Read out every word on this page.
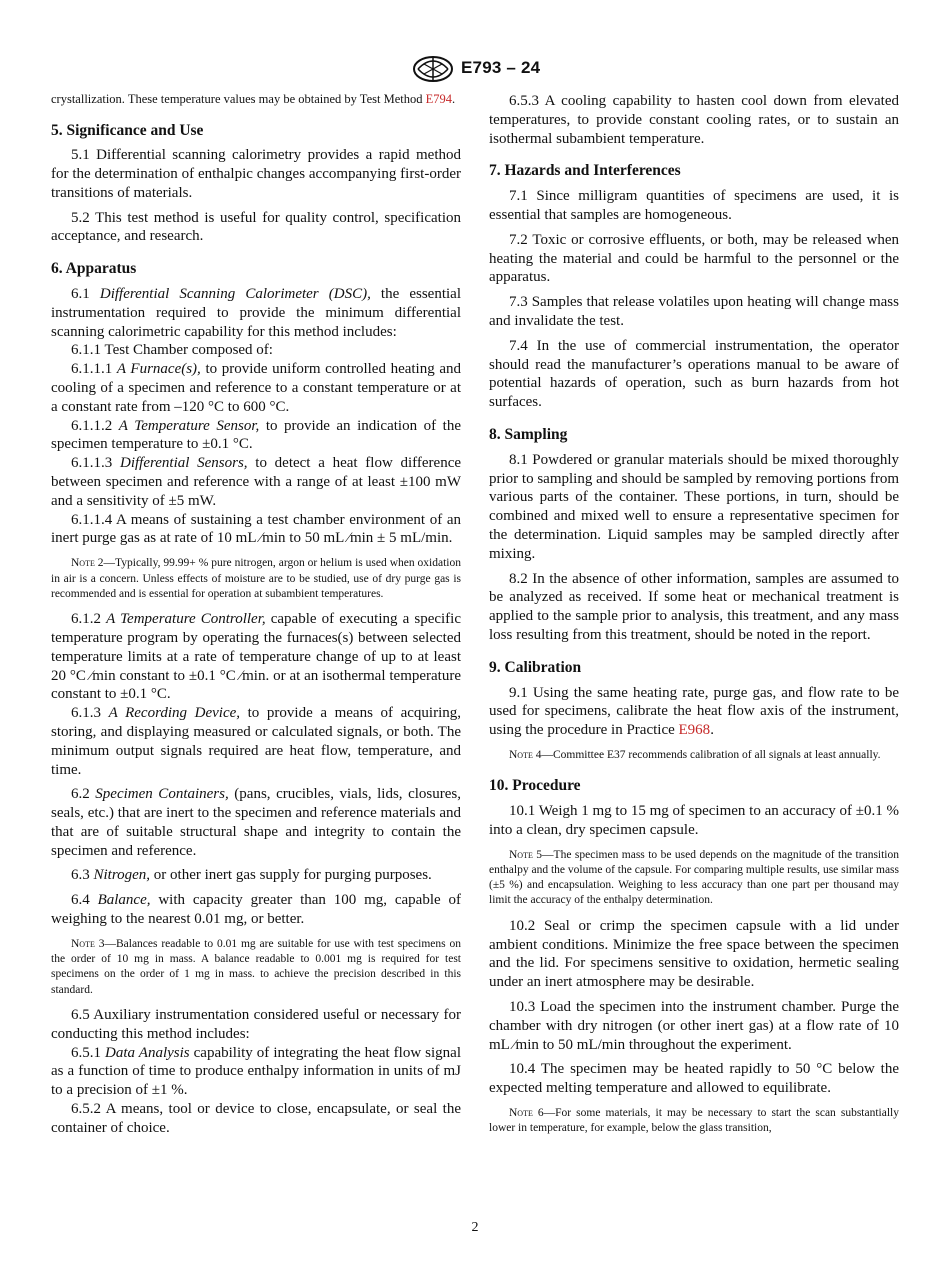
E793 – 24

crystallization. These temperature values may be obtained by Test Method E794.

5. Significance and Use

5.1 Differential scanning calorimetry provides a rapid method for the determination of enthalpic changes accompanying first-order transitions of materials.

5.2 This test method is useful for quality control, specification acceptance, and research.

6. Apparatus

6.1 Differential Scanning Calorimeter (DSC), the essential instrumentation required to provide the minimum differential scanning calorimetric capability for this method includes:

6.1.1 Test Chamber composed of:

6.1.1.1 A Furnace(s), to provide uniform controlled heating and cooling of a specimen and reference to a constant temperature or at a constant rate from –120 °C to 600 °C.

6.1.1.2 A Temperature Sensor, to provide an indication of the specimen temperature to ±0.1 °C.

6.1.1.3 Differential Sensors, to detect a heat flow difference between specimen and reference with a range of at least ±100 mW and a sensitivity of ±5 mW.

6.1.1.4 A means of sustaining a test chamber environment of an inert purge gas as at rate of 10 mL ⁄min to 50 mL ⁄min ± 5 mL/min.

Note 2—Typically, 99.99+ % pure nitrogen, argon or helium is used when oxidation in air is a concern. Unless effects of moisture are to be studied, use of dry purge gas is recommended and is essential for operation at subambient temperatures.

6.1.2 A Temperature Controller, capable of executing a specific temperature program by operating the furnaces(s) between selected temperature limits at a rate of temperature change of up to at least 20 °C ⁄min constant to ±0.1 °C ⁄min. or at an isothermal temperature constant to ±0.1 °C.

6.1.3 A Recording Device, to provide a means of acquiring, storing, and displaying measured or calculated signals, or both. The minimum output signals required are heat flow, temperature, and time.

6.2 Specimen Containers, (pans, crucibles, vials, lids, closures, seals, etc.) that are inert to the specimen and reference materials and that are of suitable structural shape and integrity to contain the specimen and reference.

6.3 Nitrogen, or other inert gas supply for purging purposes.

6.4 Balance, with capacity greater than 100 mg, capable of weighing to the nearest 0.01 mg, or better.

Note 3—Balances readable to 0.01 mg are suitable for use with test specimens on the order of 10 mg in mass. A balance readable to 0.001 mg is required for test specimens on the order of 1 mg in mass. to achieve the precision described in this standard.

6.5 Auxiliary instrumentation considered useful or necessary for conducting this method includes:

6.5.1 Data Analysis capability of integrating the heat flow signal as a function of time to produce enthalpy information in units of mJ to a precision of ±1 %.

6.5.2 A means, tool or device to close, encapsulate, or seal the container of choice.

6.5.3 A cooling capability to hasten cool down from elevated temperatures, to provide constant cooling rates, or to sustain an isothermal subambient temperature.

7. Hazards and Interferences

7.1 Since milligram quantities of specimens are used, it is essential that samples are homogeneous.

7.2 Toxic or corrosive effluents, or both, may be released when heating the material and could be harmful to the personnel or the apparatus.

7.3 Samples that release volatiles upon heating will change mass and invalidate the test.

7.4 In the use of commercial instrumentation, the operator should read the manufacturer’s operations manual to be aware of potential hazards of operation, such as burn hazards from hot surfaces.

8. Sampling

8.1 Powdered or granular materials should be mixed thoroughly prior to sampling and should be sampled by removing portions from various parts of the container. These portions, in turn, should be combined and mixed well to ensure a representative specimen for the determination. Liquid samples may be sampled directly after mixing.

8.2 In the absence of other information, samples are assumed to be analyzed as received. If some heat or mechanical treatment is applied to the sample prior to analysis, this treatment, and any mass loss resulting from this treatment, should be noted in the report.

9. Calibration

9.1 Using the same heating rate, purge gas, and flow rate to be used for specimens, calibrate the heat flow axis of the instrument, using the procedure in Practice E968.

Note 4—Committee E37 recommends calibration of all signals at least annually.

10. Procedure

10.1 Weigh 1 mg to 15 mg of specimen to an accuracy of ±0.1 % into a clean, dry specimen capsule.

Note 5—The specimen mass to be used depends on the magnitude of the transition enthalpy and the volume of the capsule. For comparing multiple results, use similar mass (±5 %) and encapsulation. Weighing to less accuracy than one part per thousand may limit the accuracy of the enthalpy determination.

10.2 Seal or crimp the specimen capsule with a lid under ambient conditions. Minimize the free space between the specimen and the lid. For specimens sensitive to oxidation, hermetic sealing under an inert atmosphere may be desirable.

10.3 Load the specimen into the instrument chamber. Purge the chamber with dry nitrogen (or other inert gas) at a flow rate of 10 mL ⁄min to 50 mL/min throughout the experiment.

10.4 The specimen may be heated rapidly to 50 °C below the expected melting temperature and allowed to equilibrate.

Note 6—For some materials, it may be necessary to start the scan substantially lower in temperature, for example, below the glass transition,

2
